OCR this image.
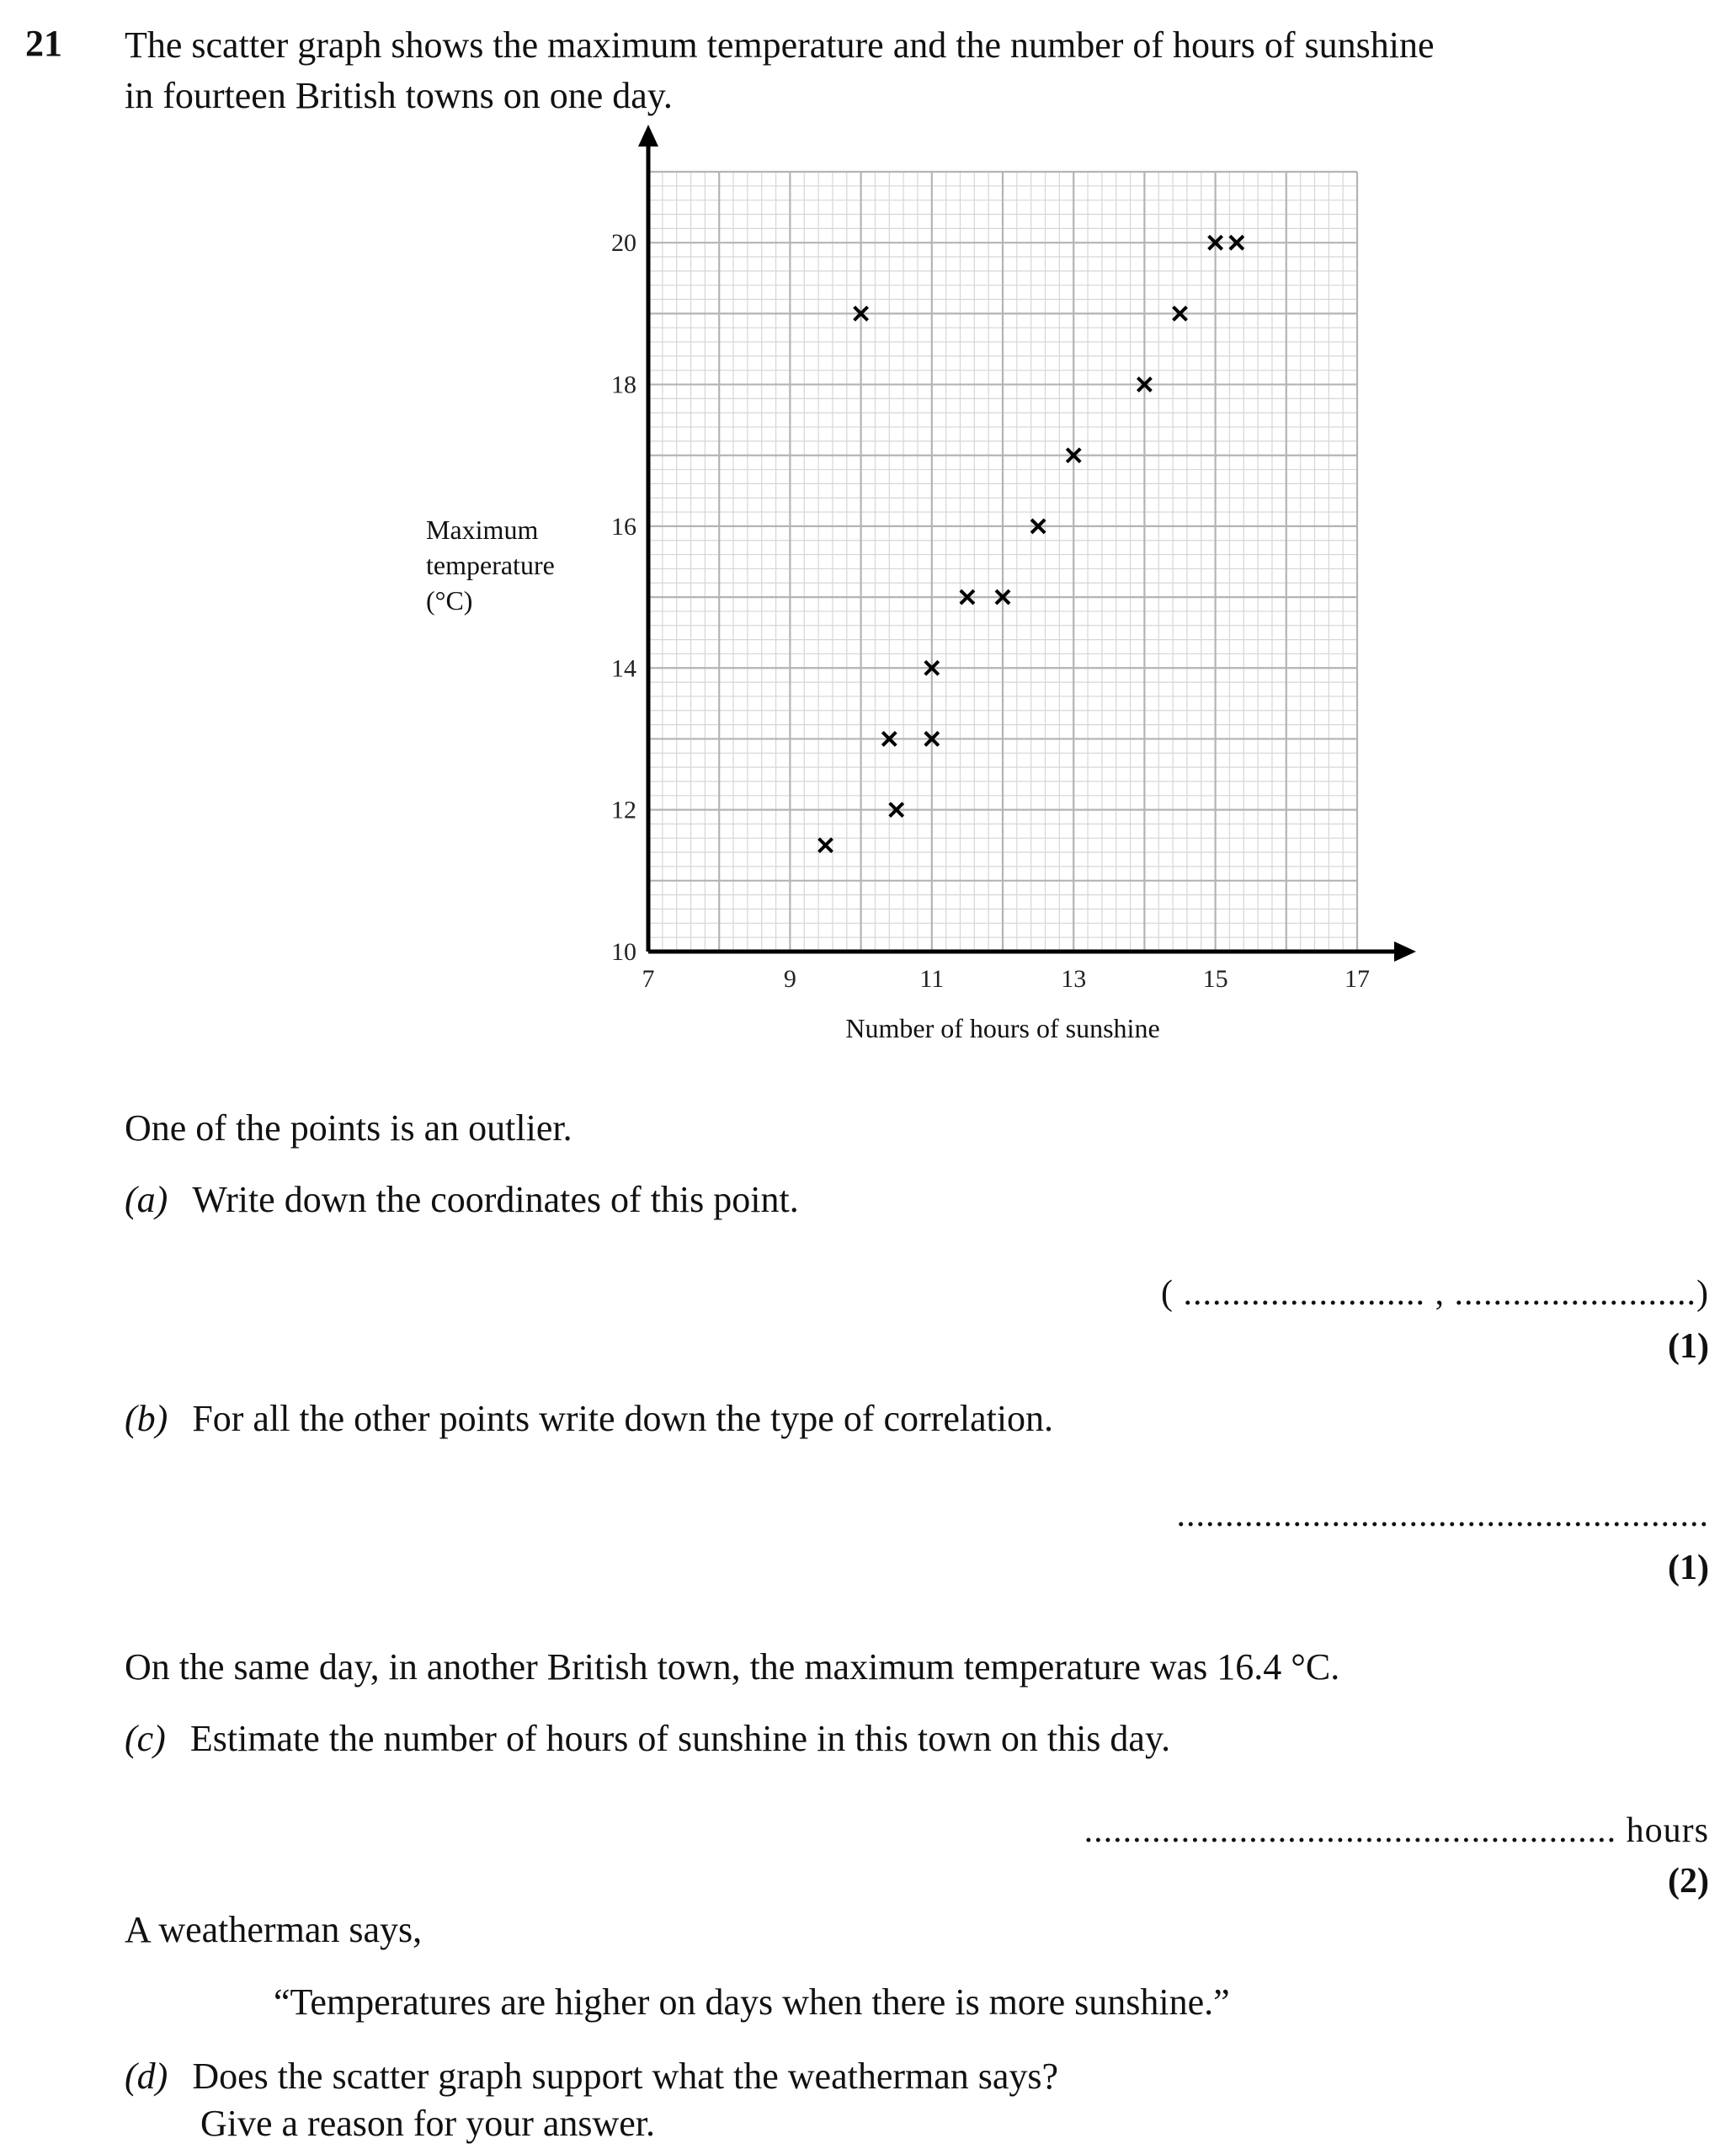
21 The scatter graph shows the maximum temperature and the number of hours of sunshine
in fourteen British towns on one day.
7	9	11	13	15	17
10
12
14
16
18
20
Number of hours of sunshine
Maximum temperature (°C)
One of the points is an outlier.
(a) Write down the coordinates of this point.
( ......................... , .........................)
(1)
(b) For all the other points write down the type of correlation.
.......................................................
(1)
On the same day, in another British town, the maximum temperature was 16.4 °C.
(c) Estimate the number of hours of sunshine in this town on this day.
....................................................... hours
(2)
A weatherman says,
“Temperatures are higher on days when there is more sunshine.”
(d) Does the scatter graph support what the weatherman says?
Give a reason for your answer.
